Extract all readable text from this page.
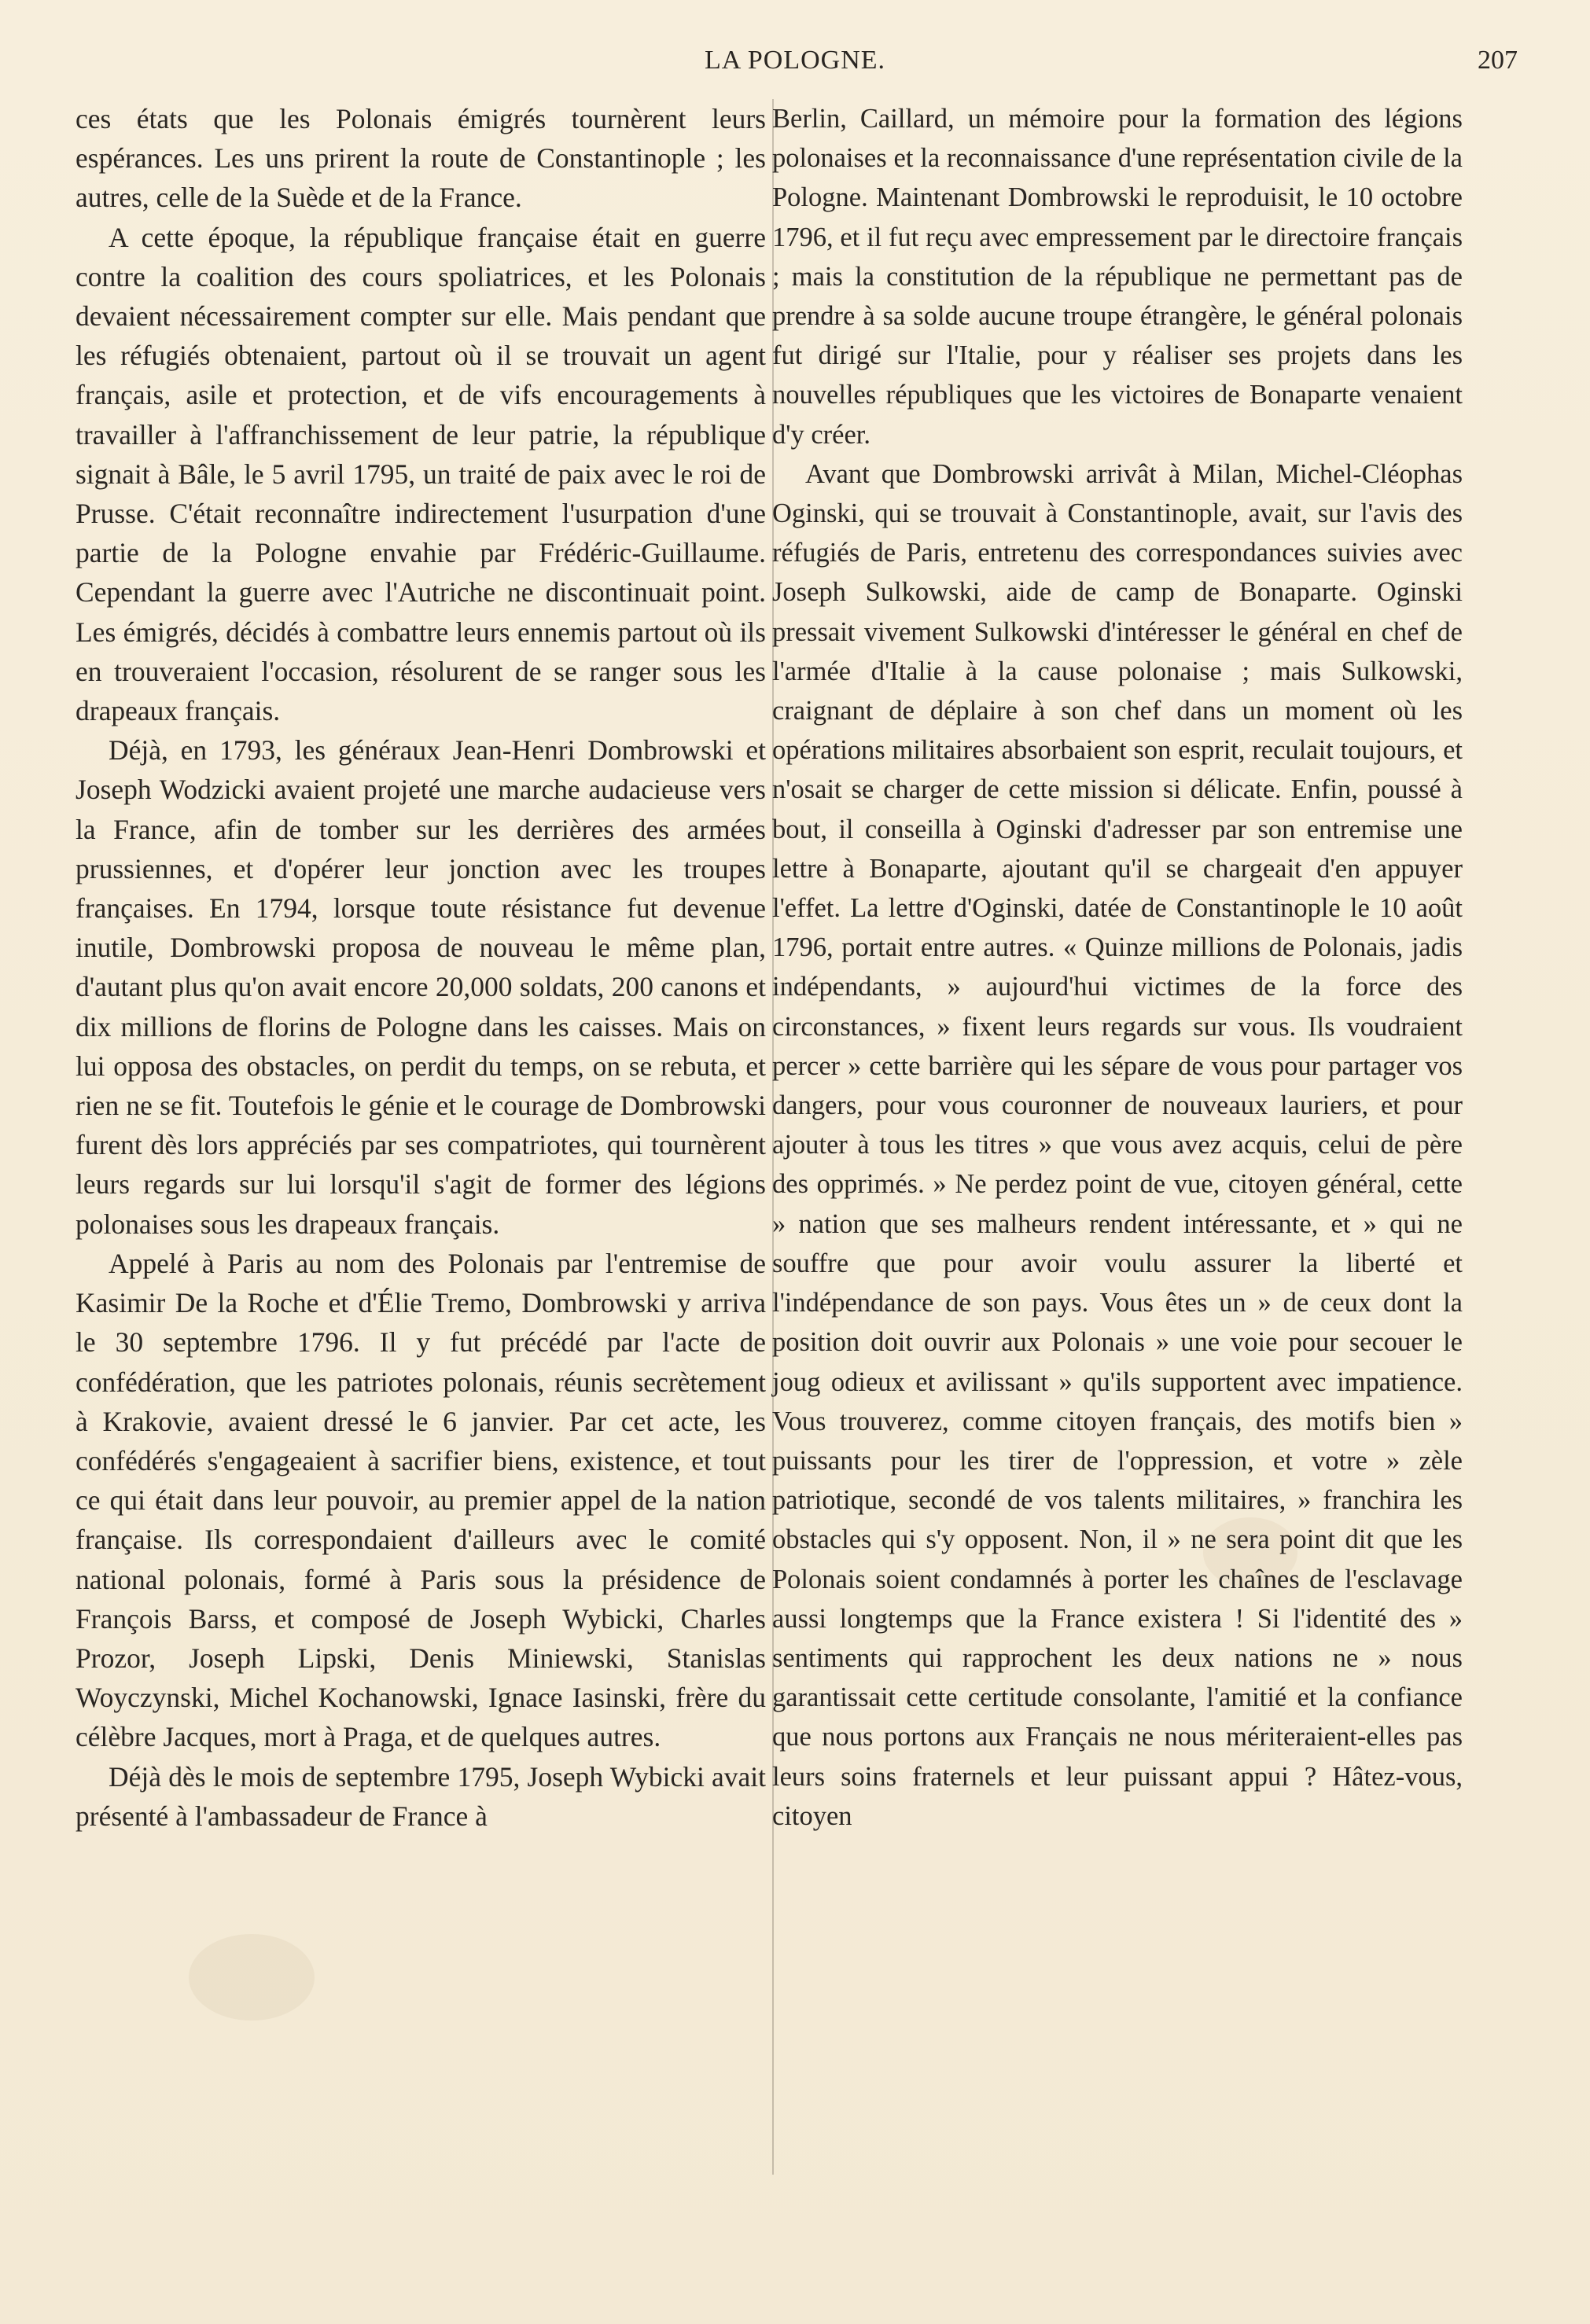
LA POLOGNE.	207

ces états que les Polonais émigrés tournèrent leurs espérances. Les uns prirent la route de Constantinople ; les autres, celle de la Suède et de la France.

A cette époque, la république française était en guerre contre la coalition des cours spoliatrices, et les Polonais devaient nécessairement compter sur elle. Mais pendant que les réfugiés obtenaient, partout où il se trouvait un agent français, asile et protection, et de vifs encouragements à travailler à l'affranchissement de leur patrie, la république signait à Bâle, le 5 avril 1795, un traité de paix avec le roi de Prusse. C'était reconnaître indirectement l'usurpation d'une partie de la Pologne envahie par Frédéric-Guillaume. Cependant la guerre avec l'Autriche ne discontinuait point. Les émigrés, décidés à combattre leurs ennemis partout où ils en trouveraient l'occasion, résolurent de se ranger sous les drapeaux français.

Déjà, en 1793, les généraux Jean-Henri Dombrowski et Joseph Wodzicki avaient projeté une marche audacieuse vers la France, afin de tomber sur les derrières des armées prussiennes, et d'opérer leur jonction avec les troupes françaises. En 1794, lorsque toute résistance fut devenue inutile, Dombrowski proposa de nouveau le même plan, d'autant plus qu'on avait encore 20,000 soldats, 200 canons et dix millions de florins de Pologne dans les caisses. Mais on lui opposa des obstacles, on perdit du temps, on se rebuta, et rien ne se fit. Toutefois le génie et le courage de Dombrowski furent dès lors appréciés par ses compatriotes, qui tournèrent leurs regards sur lui lorsqu'il s'agit de former des légions polonaises sous les drapeaux français.

Appelé à Paris au nom des Polonais par l'entremise de Kasimir De la Roche et d'Élie Tremo, Dombrowski y arriva le 30 septembre 1796. Il y fut précédé par l'acte de confédération, que les patriotes polonais, réunis secrètement à Krakovie, avaient dressé le 6 janvier. Par cet acte, les confédérés s'engageaient à sacrifier biens, existence, et tout ce qui était dans leur pouvoir, au premier appel de la nation française. Ils correspondaient d'ailleurs avec le comité national polonais, formé à Paris sous la présidence de François Barss, et composé de Joseph Wybicki, Charles Prozor, Joseph Lipski, Denis Miniewski, Stanislas Woyczynski, Michel Kochanowski, Ignace Iasinski, frère du célèbre Jacques, mort à Praga, et de quelques autres.

Déjà dès le mois de septembre 1795, Joseph Wybicki avait présenté à l'ambassadeur de France à

Berlin, Caillard, un mémoire pour la formation des légions polonaises et la reconnaissance d'une représentation civile de la Pologne. Maintenant Dombrowski le reproduisit, le 10 octobre 1796, et il fut reçu avec empressement par le directoire français ; mais la constitution de la république ne permettant pas de prendre à sa solde aucune troupe étrangère, le général polonais fut dirigé sur l'Italie, pour y réaliser ses projets dans les nouvelles républiques que les victoires de Bonaparte venaient d'y créer.

Avant que Dombrowski arrivât à Milan, Michel-Cléophas Oginski, qui se trouvait à Constantinople, avait, sur l'avis des réfugiés de Paris, entretenu des correspondances suivies avec Joseph Sulkowski, aide de camp de Bonaparte. Oginski pressait vivement Sulkowski d'intéresser le général en chef de l'armée d'Italie à la cause polonaise ; mais Sulkowski, craignant de déplaire à son chef dans un moment où les opérations militaires absorbaient son esprit, reculait toujours, et n'osait se charger de cette mission si délicate. Enfin, poussé à bout, il conseilla à Oginski d'adresser par son entremise une lettre à Bonaparte, ajoutant qu'il se chargeait d'en appuyer l'effet. La lettre d'Oginski, datée de Constantinople le 10 août 1796, portait entre autres. « Quinze millions de Polonais, jadis indépendants, » aujourd'hui victimes de la force des circonstances, » fixent leurs regards sur vous. Ils voudraient percer » cette barrière qui les sépare de vous pour partager vos dangers, pour vous couronner de nouveaux lauriers, et pour ajouter à tous les titres » que vous avez acquis, celui de père des opprimés. » Ne perdez point de vue, citoyen général, cette » nation que ses malheurs rendent intéressante, et » qui ne souffre que pour avoir voulu assurer la liberté et l'indépendance de son pays. Vous êtes un » de ceux dont la position doit ouvrir aux Polonais » une voie pour secouer le joug odieux et avilissant » qu'ils supportent avec impatience. Vous trouverez, comme citoyen français, des motifs bien » puissants pour les tirer de l'oppression, et votre » zèle patriotique, secondé de vos talents militaires, » franchira les obstacles qui s'y opposent. Non, il » ne sera point dit que les Polonais soient condamnés à porter les chaînes de l'esclavage aussi longtemps que la France existera ! Si l'identité des » sentiments qui rapprochent les deux nations ne » nous garantissait cette certitude consolante, l'amitié et la confiance que nous portons aux Français ne nous mériteraient-elles pas leurs soins fraternels et leur puissant appui ? Hâtez-vous, citoyen
